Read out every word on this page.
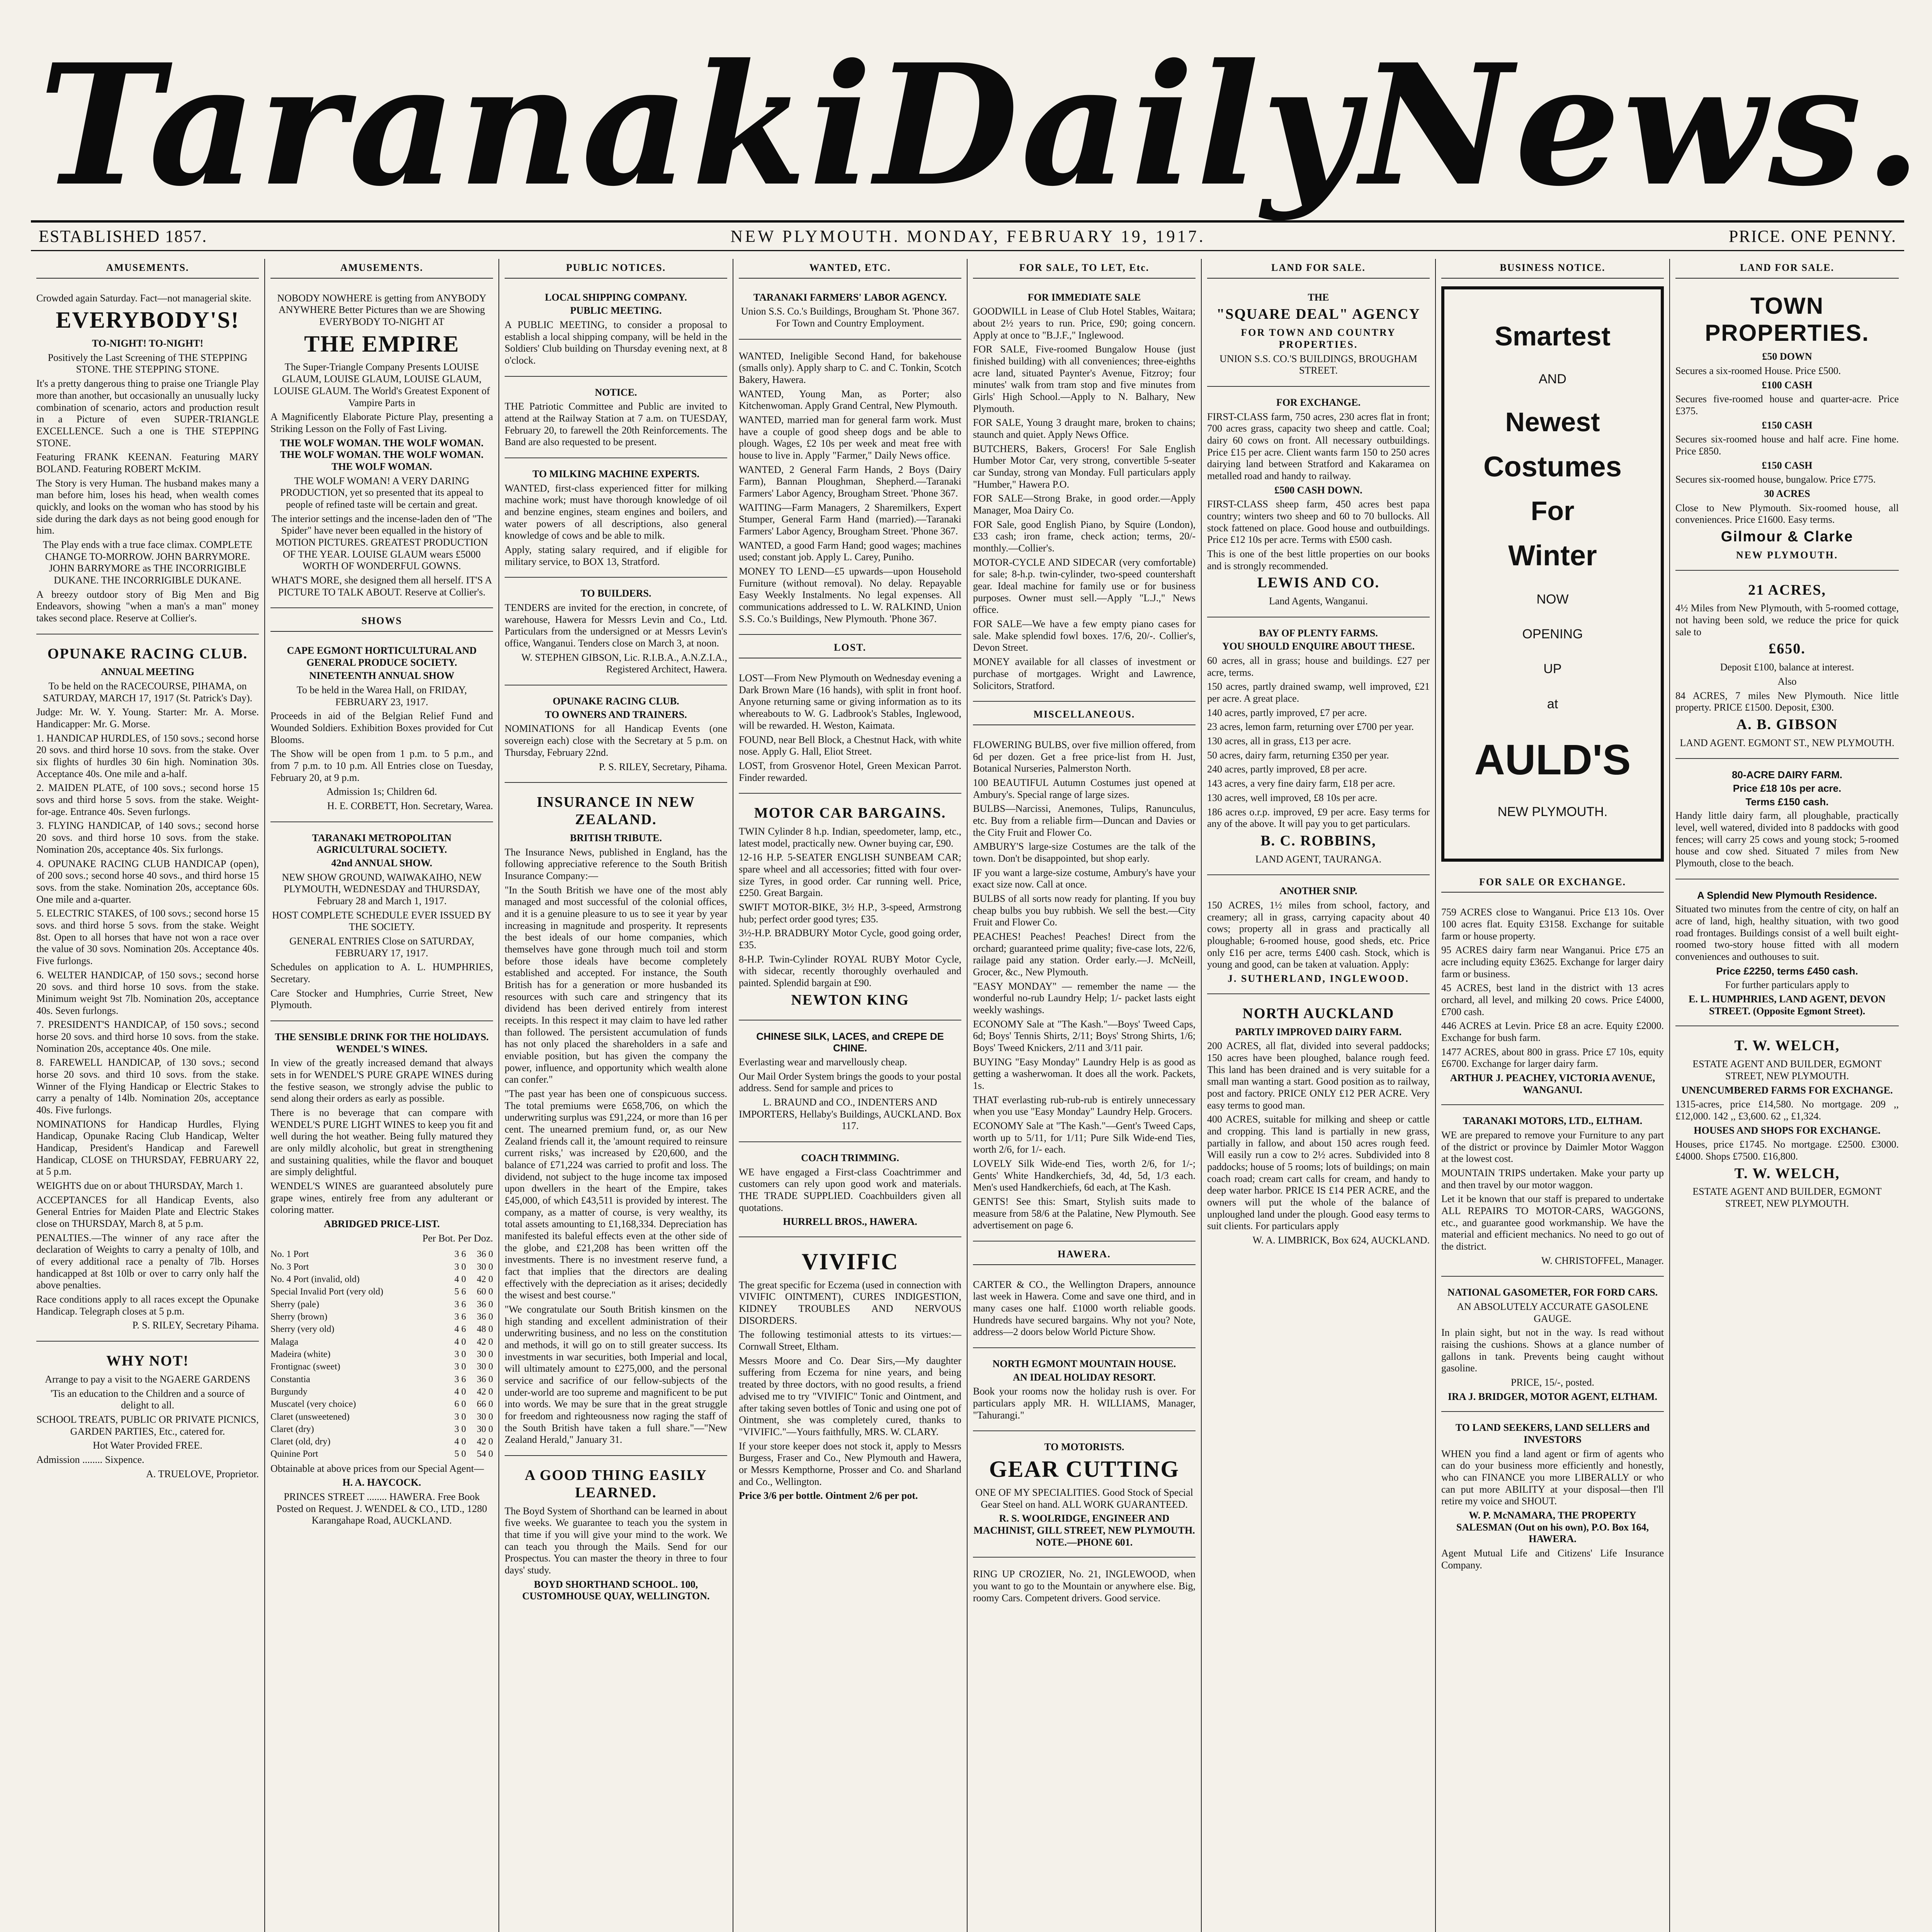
Taranaki Daily News.
ESTABLISHED 1857.	NEW PLYMOUTH. MONDAY, FEBRUARY 19, 1917.	PRICE. ONE PENNY.
AMUSEMENTS.
Crowded again Saturday. Fact—not managerial skite.
EVERYBODY'S!
TO-NIGHT! TO-NIGHT!
Positively the Last Screening of THE STEPPING STONE. THE STEPPING STONE.
It's a pretty dangerous thing to praise one Triangle Play more than another, but occasionally an unusually lucky combination of scenario, actors and production result in a Picture of even SUPER-TRIANGLE EXCELLENCE. Such a one is THE STEPPING STONE.
Featuring FRANK KEENAN. Featuring MARY BOLAND. Featuring ROBERT McKIM.
The Story is very Human. The husband makes many a man before him, loses his head, when wealth comes quickly, and looks on the woman who has stood by his side during the dark days as not being good enough for him.
The Play ends with a true face climax. COMPLETE CHANGE TO-MORROW. JOHN BARRYMORE. JOHN BARRYMORE as THE INCORRIGIBLE DUKANE. THE INCORRIGIBLE DUKANE.
A breezy outdoor story of Big Men and Big Endeavors, showing "when a man's a man" money takes second place. Reserve at Collier's.
OPUNAKE RACING CLUB.
ANNUAL MEETING
To be held on the RACECOURSE, PIHAMA, on SATURDAY, MARCH 17, 1917 (St. Patrick's Day).
Judge: Mr. W. Y. Young. Starter: Mr. A. Morse. Handicapper: Mr. G. Morse.
1. HANDICAP HURDLES, of 150 sovs.; second horse 20 sovs. and third horse 10 sovs. from the stake. Over six flights of hurdles 30 6in high. Nomination 30s. Acceptance 40s. One mile and a-half.
2. MAIDEN PLATE, of 100 sovs.; second horse 15 sovs and third horse 5 sovs. from the stake. Weight-for-age. Entrance 40s. Seven furlongs.
3. FLYING HANDICAP, of 140 sovs.; second horse 20 sovs. and third horse 10 sovs. from the stake. Nomination 20s, acceptance 40s. Six furlongs.
4. OPUNAKE RACING CLUB HANDICAP (open), of 200 sovs.; second horse 40 sovs., and third horse 15 sovs. from the stake. Nomination 20s, acceptance 60s. One mile and a-quarter.
5. ELECTRIC STAKES, of 100 sovs.; second horse 15 sovs. and third horse 5 sovs. from the stake. Weight 8st. Open to all horses that have not won a race over the value of 30 sovs. Nomination 20s. Acceptance 40s. Five furlongs.
6. WELTER HANDICAP, of 150 sovs.; second horse 20 sovs. and third horse 10 sovs. from the stake. Minimum weight 9st 7lb. Nomination 20s, acceptance 40s. Seven furlongs.
7. PRESIDENT'S HANDICAP, of 150 sovs.; second horse 20 sovs. and third horse 10 sovs. from the stake. Nomination 20s, acceptance 40s. One mile.
8. FAREWELL HANDICAP, of 130 sovs.; second horse 20 sovs. and third 10 sovs. from the stake. Winner of the Flying Handicap or Electric Stakes to carry a penalty of 14lb. Nomination 20s, acceptance 40s. Five furlongs.
NOMINATIONS for Handicap Hurdles, Flying Handicap, Opunake Racing Club Handicap, Welter Handicap, President's Handicap and Farewell Handicap, CLOSE on THURSDAY, FEBRUARY 22, at 5 p.m.
WEIGHTS due on or about THURSDAY, March 1.
ACCEPTANCES for all Handicap Events, also General Entries for Maiden Plate and Electric Stakes close on THURSDAY, March 8, at 5 p.m.
PENALTIES.—The winner of any race after the declaration of Weights to carry a penalty of 10lb, and of every additional race a penalty of 7lb. Horses handicapped at 8st 10lb or over to carry only half the above penalties.
Race conditions apply to all races except the Opunake Handicap. Telegraph closes at 5 p.m.
P. S. RILEY, Secretary Pihama.
WHY NOT!
Arrange to pay a visit to the NGAERE GARDENS
'Tis an education to the Children and a source of delight to all.
SCHOOL TREATS, PUBLIC OR PRIVATE PICNICS, GARDEN PARTIES, Etc., catered for.
Hot Water Provided FREE.
Admission ........ Sixpence.
A. TRUELOVE, Proprietor.
AMUSEMENTS.
NOBODY NOWHERE is getting from ANYBODY ANYWHERE Better Pictures than we are Showing EVERYBODY TO-NIGHT AT
THE EMPIRE
The Super-Triangle Company Presents LOUISE GLAUM, LOUISE GLAUM, LOUISE GLAUM, LOUISE GLAUM. The World's Greatest Exponent of Vampire Parts in
A Magnificently Elaborate Picture Play, presenting a Striking Lesson on the Folly of Fast Living.
THE WOLF WOMAN. THE WOLF WOMAN. THE WOLF WOMAN. THE WOLF WOMAN. THE WOLF WOMAN.
THE WOLF WOMAN! A VERY DARING PRODUCTION, yet so presented that its appeal to people of refined taste will be certain and great.
The interior settings and the incense-laden den of "The Spider" have never been equalled in the history of MOTION PICTURES. GREATEST PRODUCTION OF THE YEAR. LOUISE GLAUM wears £5000 WORTH OF WONDERFUL GOWNS.
WHAT'S MORE, she designed them all herself. IT'S A PICTURE TO TALK ABOUT. Reserve at Collier's.
SHOWS
CAPE EGMONT HORTICULTURAL AND GENERAL PRODUCE SOCIETY.
NINETEENTH ANNUAL SHOW
To be held in the Warea Hall, on FRIDAY, FEBRUARY 23, 1917.
Proceeds in aid of the Belgian Relief Fund and Wounded Soldiers. Exhibition Boxes provided for Cut Blooms.
The Show will be open from 1 p.m. to 5 p.m., and from 7 p.m. to 10 p.m. All Entries close on Tuesday, February 20, at 9 p.m.
Admission 1s; Children 6d.
H. E. CORBETT, Hon. Secretary, Warea.
TARANAKI METROPOLITAN AGRICULTURAL SOCIETY.
42nd ANNUAL SHOW.
NEW SHOW GROUND, WAIWAKAIHO, NEW PLYMOUTH, WEDNESDAY and THURSDAY, February 28 and March 1, 1917.
HOST COMPLETE SCHEDULE EVER ISSUED BY THE SOCIETY.
GENERAL ENTRIES Close on SATURDAY, FEBRUARY 17, 1917.
Schedules on application to A. L. HUMPHRIES, Secretary.
Care Stocker and Humphries, Currie Street, New Plymouth.
THE SENSIBLE DRINK FOR THE HOLIDAYS. WENDEL'S WINES.
In view of the greatly increased demand that always sets in for WENDEL'S PURE GRAPE WINES during the festive season, we strongly advise the public to send along their orders as early as possible.
There is no beverage that can compare with WENDEL'S PURE LIGHT WINES to keep you fit and well during the hot weather. Being fully matured they are only mildly alcoholic, but great in strengthening and sustaining qualities, while the flavor and bouquet are simply delightful.
WENDEL'S WINES are guaranteed absolutely pure grape wines, entirely free from any adulterant or coloring matter.
ABRIDGED PRICE-LIST.
Per Bot. Per Doz.
No. 1 Port	3 6	36 0
No. 3 Port	3 0	30 0
No. 4 Port (invalid, old)	4 0	42 0
Special Invalid Port (very old)	5 6	60 0
Sherry (pale)	3 6	36 0
Sherry (brown)	3 6	36 0
Sherry (very old)	4 6	48 0
Malaga	4 0	42 0
Madeira (white)	3 0	30 0
Frontignac (sweet)	3 0	30 0
Constantia	3 6	36 0
Burgundy	4 0	42 0
Muscatel (very choice)	6 0	66 0
Claret (unsweetened)	3 0	30 0
Claret (dry)	3 0	30 0
Claret (old, dry)	4 0	42 0
Quinine Port	5 0	54 0
Obtainable at above prices from our Special Agent—
H. A. HAYCOCK.
PRINCES STREET ........ HAWERA. Free Book Posted on Request. J. WENDEL & CO., LTD., 1280 Karangahape Road, AUCKLAND.
PUBLIC NOTICES.
LOCAL SHIPPING COMPANY.
PUBLIC MEETING.
A PUBLIC MEETING, to consider a proposal to establish a local shipping company, will be held in the Soldiers' Club building on Thursday evening next, at 8 o'clock.
NOTICE.
THE Patriotic Committee and Public are invited to attend at the Railway Station at 7 a.m. on TUESDAY, February 20, to farewell the 20th Reinforcements. The Band are also requested to be present.
TO MILKING MACHINE EXPERTS.
WANTED, first-class experienced fitter for milking machine work; must have thorough knowledge of oil and benzine engines, steam engines and boilers, and water powers of all descriptions, also general knowledge of cows and be able to milk.
Apply, stating salary required, and if eligible for military service, to BOX 13, Stratford.
TO BUILDERS.
TENDERS are invited for the erection, in concrete, of warehouse, Hawera for Messrs Levin and Co., Ltd. Particulars from the undersigned or at Messrs Levin's office, Wanganui. Tenders close on March 3, at noon.
W. STEPHEN GIBSON, Lic. R.I.B.A., A.N.Z.I.A., Registered Architect, Hawera.
OPUNAKE RACING CLUB.
TO OWNERS AND TRAINERS.
NOMINATIONS for all Handicap Events (one sovereign each) close with the Secretary at 5 p.m. on Thursday, February 22nd.
P. S. RILEY, Secretary, Pihama.
INSURANCE IN NEW ZEALAND.
BRITISH TRIBUTE.
The Insurance News, published in England, has the following appreciative reference to the South British Insurance Company:—
"In the South British we have one of the most ably managed and most successful of the colonial offices, and it is a genuine pleasure to us to see it year by year increasing in magnitude and prosperity. It represents the best ideals of our home companies, which themselves have gone through much toil and storm before those ideals have become completely established and accepted. For instance, the South British has for a generation or more husbanded its resources with such care and stringency that its dividend has been derived entirely from interest receipts. In this respect it may claim to have led rather than followed. The persistent accumulation of funds has not only placed the shareholders in a safe and enviable position, but has given the company the power, influence, and opportunity which wealth alone can confer."
"The past year has been one of conspicuous success. The total premiums were £658,706, on which the underwriting surplus was £91,224, or more than 16 per cent. The unearned premium fund, or, as our New Zealand friends call it, the 'amount required to reinsure current risks,' was increased by £20,600, and the balance of £71,224 was carried to profit and loss. The dividend, not subject to the huge income tax imposed upon dwellers in the heart of the Empire, takes £45,000, of which £43,511 is provided by interest. The company, as a matter of course, is very wealthy, its total assets amounting to £1,168,334. Depreciation has manifested its baleful effects even at the other side of the globe, and £21,208 has been written off the investments. There is no investment reserve fund, a fact that implies that the directors are dealing effectively with the depreciation as it arises; decidedly the wisest and best course."
"We congratulate our South British kinsmen on the high standing and excellent administration of their underwriting business, and no less on the constitution and methods, it will go on to still greater success. Its investments in war securities, both Imperial and local, will ultimately amount to £275,000, and the personal service and sacrifice of our fellow-subjects of the under-world are too supreme and magnificent to be put into words. We may be sure that in the great struggle for freedom and righteousness now raging the staff of the South British have taken a full share."—"New Zealand Herald," January 31.
A GOOD THING EASILY LEARNED.
The Boyd System of Shorthand can be learned in about five weeks. We guarantee to teach you the system in that time if you will give your mind to the work. We can teach you through the Mails. Send for our Prospectus. You can master the theory in three to four days' study.
BOYD SHORTHAND SCHOOL. 100, CUSTOMHOUSE QUAY, WELLINGTON.
WANTED, ETC.
TARANAKI FARMERS' LABOR AGENCY.
Union S.S. Co.'s Buildings, Brougham St. 'Phone 367. For Town and Country Employment.
WANTED, Ineligible Second Hand, for bakehouse (smalls only). Apply sharp to C. and C. Tonkin, Scotch Bakery, Hawera.
WANTED, Young Man, as Porter; also Kitchenwoman. Apply Grand Central, New Plymouth.
WANTED, married man for general farm work. Must have a couple of good sheep dogs and be able to plough. Wages, £2 10s per week and meat free with house to live in. Apply "Farmer," Daily News office.
WANTED, 2 General Farm Hands, 2 Boys (Dairy Farm), Bannan Ploughman, Shepherd.—Taranaki Farmers' Labor Agency, Brougham Street. 'Phone 367.
WAITING—Farm Managers, 2 Sharemilkers, Expert Stumper, General Farm Hand (married).—Taranaki Farmers' Labor Agency, Brougham Street. 'Phone 367.
WANTED, a good Farm Hand; good wages; machines used; constant job. Apply L. Carey, Puniho.
MONEY TO LEND—£5 upwards—upon Household Furniture (without removal). No delay. Repayable Easy Weekly Instalments. No legal expenses. All communications addressed to L. W. RALKIND, Union S.S. Co.'s Buildings, New Plymouth. 'Phone 367.
LOST.
LOST—From New Plymouth on Wednesday evening a Dark Brown Mare (16 hands), with split in front hoof. Anyone returning same or giving information as to its whereabouts to W. G. Ladbrook's Stables, Inglewood, will be rewarded. H. Weston, Kaimata.
FOUND, near Bell Block, a Chestnut Hack, with white nose. Apply G. Hall, Eliot Street.
LOST, from Grosvenor Hotel, Green Mexican Parrot. Finder rewarded.
MOTOR CAR BARGAINS.
TWIN Cylinder 8 h.p. Indian, speedometer, lamp, etc., latest model, practically new. Owner buying car, £90.
12-16 H.P. 5-SEATER ENGLISH SUNBEAM CAR; spare wheel and all accessories; fitted with four over-size Tyres, in good order. Car running well. Price, £250. Great Bargain.
SWIFT MOTOR-BIKE, 3½ H.P., 3-speed, Armstrong hub; perfect order good tyres; £35.
3½-H.P. BRADBURY Motor Cycle, good going order, £35.
8-H.P. Twin-Cylinder ROYAL RUBY Motor Cycle, with sidecar, recently thoroughly overhauled and painted. Splendid bargain at £90.
NEWTON KING
CHINESE SILK, LACES, and CREPE DE CHINE.
Everlasting wear and marvellously cheap.
Our Mail Order System brings the goods to your postal address. Send for sample and prices to
L. BRAUND and CO., INDENTERS AND IMPORTERS, Hellaby's Buildings, AUCKLAND. Box 117.
COACH TRIMMING.
WE have engaged a First-class Coachtrimmer and customers can rely upon good work and materials. THE TRADE SUPPLIED. Coachbuilders given all quotations.
HURRELL BROS., HAWERA.
VIVIFIC
The great specific for Eczema (used in connection with VIVIFIC OINTMENT), CURES INDIGESTION, KIDNEY TROUBLES AND NERVOUS DISORDERS.
The following testimonial attests to its virtues:— Cornwall Street, Eltham.
Messrs Moore and Co. Dear Sirs,—My daughter suffering from Eczema for nine years, and being treated by three doctors, with no good results, a friend advised me to try "VIVIFIC" Tonic and Ointment, and after taking seven bottles of Tonic and using one pot of Ointment, she was completely cured, thanks to "VIVIFIC."—Yours faithfully, MRS. W. CLARY.
If your store keeper does not stock it, apply to Messrs Burgess, Fraser and Co., New Plymouth and Hawera, or Messrs Kempthorne, Prosser and Co. and Sharland and Co., Wellington.
Price 3/6 per bottle. Ointment 2/6 per pot.
FOR SALE, TO LET, Etc.
FOR IMMEDIATE SALE
GOODWILL in Lease of Club Hotel Stables, Waitara; about 2½ years to run. Price, £90; going concern. Apply at once to "B.J.F.," Inglewood.
FOR SALE, Five-roomed Bungalow House (just finished building) with all conveniences; three-eighths acre land, situated Paynter's Avenue, Fitzroy; four minutes' walk from tram stop and five minutes from Girls' High School.—Apply to N. Balhary, New Plymouth.
FOR SALE, Young 3 draught mare, broken to chains; staunch and quiet. Apply News Office.
BUTCHERS, Bakers, Grocers! For Sale English Humber Motor Car, very strong, convertible 5-seater car Sunday, strong van Monday. Full particulars apply "Humber," Hawera P.O.
FOR SALE—Strong Brake, in good order.—Apply Manager, Moa Dairy Co.
FOR Sale, good English Piano, by Squire (London), £33 cash; iron frame, check action; terms, 20/- monthly.—Collier's.
MOTOR-CYCLE AND SIDECAR (very comfortable) for sale; 8-h.p. twin-cylinder, two-speed countershaft gear. Ideal machine for family use or for business purposes. Owner must sell.—Apply "L.J.," News office.
FOR SALE—We have a few empty piano cases for sale. Make splendid fowl boxes. 17/6, 20/-. Collier's, Devon Street.
MONEY available for all classes of investment or purchase of mortgages. Wright and Lawrence, Solicitors, Stratford.
MISCELLANEOUS.
FLOWERING BULBS, over five million offered, from 6d per dozen. Get a free price-list from H. Just, Botanical Nurseries, Palmerston North.
100 BEAUTIFUL Autumn Costumes just opened at Ambury's. Special range of large sizes.
BULBS—Narcissi, Anemones, Tulips, Ranunculus, etc. Buy from a reliable firm—Duncan and Davies or the City Fruit and Flower Co.
AMBURY'S large-size Costumes are the talk of the town. Don't be disappointed, but shop early.
IF you want a large-size costume, Ambury's have your exact size now. Call at once.
BULBS of all sorts now ready for planting. If you buy cheap bulbs you buy rubbish. We sell the best.—City Fruit and Flower Co.
PEACHES! Peaches! Peaches! Direct from the orchard; guaranteed prime quality; five-case lots, 22/6, railage paid any station. Order early.—J. McNeill, Grocer, &c., New Plymouth.
"EASY MONDAY" — remember the name — the wonderful no-rub Laundry Help; 1/- packet lasts eight weekly washings.
ECONOMY Sale at "The Kash."—Boys' Tweed Caps, 6d; Boys' Tennis Shirts, 2/11; Boys' Strong Shirts, 1/6; Boys' Tweed Knickers, 2/11 and 3/11 pair.
BUYING "Easy Monday" Laundry Help is as good as getting a washerwoman. It does all the work. Packets, 1s.
THAT everlasting rub-rub-rub is entirely unnecessary when you use "Easy Monday" Laundry Help. Grocers.
ECONOMY Sale at "The Kash."—Gent's Tweed Caps, worth up to 5/11, for 1/11; Pure Silk Wide-end Ties, worth 2/6, for 1/- each.
LOVELY Silk Wide-end Ties, worth 2/6, for 1/-; Gents' White Handkerchiefs, 3d, 4d, 5d, 1/3 each. Men's used Handkerchiefs, 6d each, at The Kash.
GENTS! See this: Smart, Stylish suits made to measure from 58/6 at the Palatine, New Plymouth. See advertisement on page 6.
HAWERA.
CARTER & CO., the Wellington Drapers, announce last week in Hawera. Come and save one third, and in many cases one half. £1000 worth reliable goods. Hundreds have secured bargains. Why not you? Note, address—2 doors below World Picture Show.
NORTH EGMONT MOUNTAIN HOUSE.
AN IDEAL HOLIDAY RESORT.
Book your rooms now the holiday rush is over. For particulars apply MR. H. WILLIAMS, Manager, "Tahurangi."
TO MOTORISTS.
GEAR CUTTING
ONE OF MY SPECIALITIES. Good Stock of Special Gear Steel on hand. ALL WORK GUARANTEED.
R. S. WOOLRIDGE, ENGINEER AND MACHINIST, GILL STREET, NEW PLYMOUTH. NOTE.—PHONE 601.
RING UP CROZIER, No. 21, INGLEWOOD, when you want to go to the Mountain or anywhere else. Big, roomy Cars. Competent drivers. Good service.
LAND FOR SALE.
THE
"SQUARE DEAL" AGENCY
FOR TOWN AND COUNTRY PROPERTIES.
UNION S.S. CO.'S BUILDINGS, BROUGHAM STREET.
FOR EXCHANGE.
FIRST-CLASS farm, 750 acres, 230 acres flat in front; 700 acres grass, capacity two sheep and cattle. Coal; dairy 60 cows on front. All necessary outbuildings. Price £15 per acre. Client wants farm 150 to 250 acres dairying land between Stratford and Kakaramea on metalled road and handy to railway.
£500 CASH DOWN.
FIRST-CLASS sheep farm, 450 acres best papa country; winters two sheep and 60 to 70 bullocks. All stock fattened on place. Good house and outbuildings. Price £12 10s per acre. Terms with £500 cash.
This is one of the best little properties on our books and is strongly recommended.
LEWIS AND CO.
Land Agents, Wanganui.
BAY OF PLENTY FARMS.
YOU SHOULD ENQUIRE ABOUT THESE.
60 acres, all in grass; house and buildings. £27 per acre, terms.
150 acres, partly drained swamp, well improved, £21 per acre. A great place.
140 acres, partly improved, £7 per acre.
23 acres, lemon farm, returning over £700 per year.
130 acres, all in grass, £13 per acre.
50 acres, dairy farm, returning £350 per year.
240 acres, partly improved, £8 per acre.
143 acres, a very fine dairy farm, £18 per acre.
130 acres, well improved, £8 10s per acre.
186 acres o.r.p. improved, £9 per acre. Easy terms for any of the above. It will pay you to get particulars.
B. C. ROBBINS,
LAND AGENT, TAURANGA.
ANOTHER SNIP.
150 ACRES, 1½ miles from school, factory, and creamery; all in grass, carrying capacity about 40 cows; property all in grass and practically all ploughable; 6-roomed house, good sheds, etc. Price only £16 per acre, terms £400 cash. Stock, which is young and good, can be taken at valuation. Apply:
J. SUTHERLAND, INGLEWOOD.
NORTH AUCKLAND
PARTLY IMPROVED DAIRY FARM.
200 ACRES, all flat, divided into several paddocks; 150 acres have been ploughed, balance rough feed. This land has been drained and is very suitable for a small man wanting a start. Good position as to railway, post and factory. PRICE ONLY £12 PER ACRE. Very easy terms to good man.
400 ACRES, suitable for milking and sheep or cattle and cropping. This land is partially in new grass, partially in fallow, and about 150 acres rough feed. Will easily run a cow to 2½ acres. Subdivided into 8 paddocks; house of 5 rooms; lots of buildings; on main coach road; cream cart calls for cream, and handy to deep water harbor. PRICE IS £14 PER ACRE, and the owners will put the whole of the balance of unploughed land under the plough. Good easy terms to suit clients. For particulars apply
W. A. LIMBRICK, Box 624, AUCKLAND.
BUSINESS NOTICE.
Smartest
AND
Newest
Costumes
For
Winter
NOW
OPENING
UP
at
AULD'S
NEW PLYMOUTH.
FOR SALE OR EXCHANGE.
759 ACRES close to Wanganui. Price £13 10s. Over 100 acres flat. Equity £3158. Exchange for suitable farm or house property.
95 ACRES dairy farm near Wanganui. Price £75 an acre including equity £3625. Exchange for larger dairy farm or business.
45 ACRES, best land in the district with 13 acres orchard, all level, and milking 20 cows. Price £4000, £700 cash.
446 ACRES at Levin. Price £8 an acre. Equity £2000. Exchange for bush farm.
1477 ACRES, about 800 in grass. Price £7 10s, equity £6700. Exchange for larger dairy farm.
ARTHUR J. PEACHEY, VICTORIA AVENUE, WANGANUI.
TARANAKI MOTORS, LTD., ELTHAM.
WE are prepared to remove your Furniture to any part of the district or province by Daimler Motor Waggon at the lowest cost.
MOUNTAIN TRIPS undertaken. Make your party up and then travel by our motor waggon.
Let it be known that our staff is prepared to undertake ALL REPAIRS TO MOTOR-CARS, WAGGONS, etc., and guarantee good workmanship. We have the material and efficient mechanics. No need to go out of the district.
W. CHRISTOFFEL, Manager.
NATIONAL GASOMETER, FOR FORD CARS.
AN ABSOLUTELY ACCURATE GASOLENE GAUGE.
In plain sight, but not in the way. Is read without raising the cushions. Shows at a glance number of gallons in tank. Prevents being caught without gasoline.
PRICE, 15/-, posted.
IRA J. BRIDGER, MOTOR AGENT, ELTHAM.
TO LAND SEEKERS, LAND SELLERS and INVESTORS
WHEN you find a land agent or firm of agents who can do your business more efficiently and honestly, who can FINANCE you more LIBERALLY or who can put more ABILITY at your disposal—then I'll retire my voice and SHOUT.
W. P. McNAMARA, THE PROPERTY SALESMAN (Out on his own), P.O. Box 164, HAWERA.
Agent Mutual Life and Citizens' Life Insurance Company.
LAND FOR SALE.
TOWN PROPERTIES.
£50 DOWN
Secures a six-roomed House. Price £500.
£100 CASH
Secures five-roomed house and quarter-acre. Price £375.
£150 CASH
Secures six-roomed house and half acre. Fine home. Price £850.
£150 CASH
Secures six-roomed house, bungalow. Price £775.
30 ACRES
Close to New Plymouth. Six-roomed house, all conveniences. Price £1600. Easy terms.
Gilmour & Clarke
NEW PLYMOUTH.
21 ACRES,
4½ Miles from New Plymouth, with 5-roomed cottage, not having been sold, we reduce the price for quick sale to
£650.
Deposit £100, balance at interest.
Also
84 ACRES, 7 miles New Plymouth. Nice little property. PRICE £1500. Deposit, £300.
A. B. GIBSON
LAND AGENT. EGMONT ST., NEW PLYMOUTH.
80-ACRE DAIRY FARM.
Price £18 10s per acre.
Terms £150 cash.
Handy little dairy farm, all ploughable, practically level, well watered, divided into 8 paddocks with good fences; will carry 25 cows and young stock; 5-roomed house and cow shed. Situated 7 miles from New Plymouth, close to the beach.
A Splendid New Plymouth Residence.
Situated two minutes from the centre of city, on half an acre of land, high, healthy situation, with two good road frontages. Buildings consist of a well built eight-roomed two-story house fitted with all modern conveniences and outhouses to suit.
Price £2250, terms £450 cash.
For further particulars apply to
E. L. HUMPHRIES, LAND AGENT, DEVON STREET. (Opposite Egmont Street).
T. W. WELCH,
ESTATE AGENT AND BUILDER, EGMONT STREET, NEW PLYMOUTH.
UNENCUMBERED FARMS FOR EXCHANGE.
1315-acres, price £14,580. No mortgage. 209 ,, £12,000. 142 ,, £3,600. 62 ,, £1,324.
HOUSES AND SHOPS FOR EXCHANGE.
Houses, price £1745. No mortgage. £2500. £3000. £4000. Shops £7500. £16,800.
T. W. WELCH,
ESTATE AGENT AND BUILDER, EGMONT STREET, NEW PLYMOUTH.
